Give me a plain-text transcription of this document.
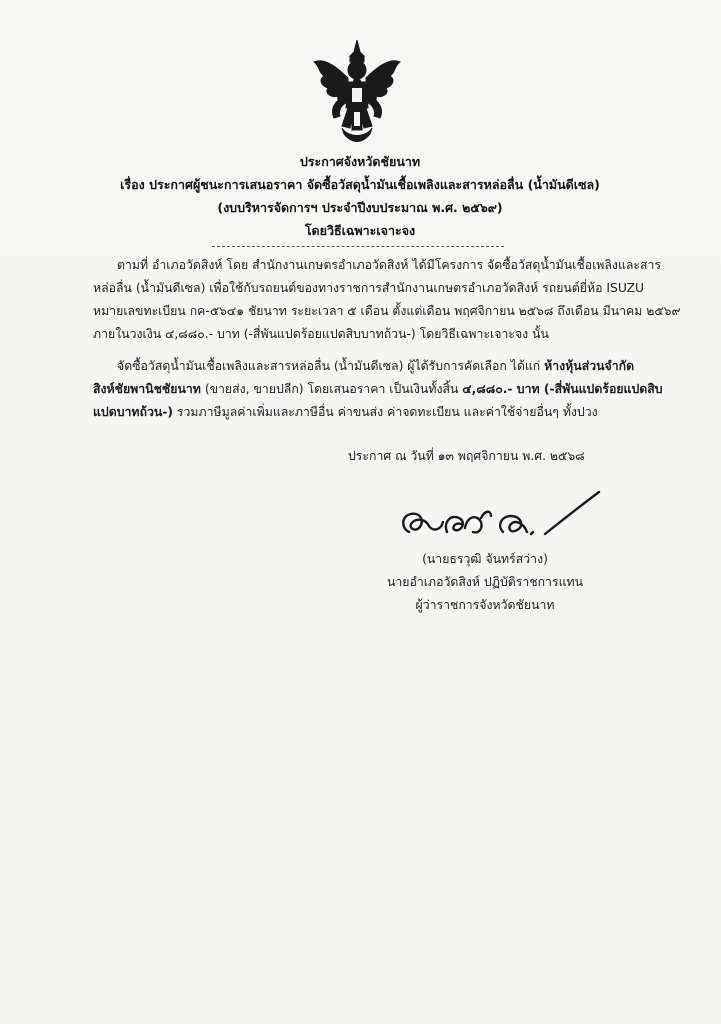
ประกาศจังหวัดชัยนาท
เรื่อง ประกาศผู้ชนะการเสนอราคา จัดซื้อวัสดุน้ำมันเชื้อเพลิงและสารหล่อลื่น (น้ำมันดีเซล)
(งบบริหารจัดการฯ ประจำปีงบประมาณ พ.ศ. ๒๕๖๙)
โดยวิธีเฉพาะเจาะจง
ตามที่ อำเภอวัดสิงห์ โดย สำนักงานเกษตรอำเภอวัดสิงห์ ได้มีโครงการ จัดซื้อวัสดุน้ำมันเชื้อเพลิงและสาร
หล่อลื่น (น้ำมันดีเซล) เพื่อใช้กับรถยนต์ของทางราชการสำนักงานเกษตรอำเภอวัดสิงห์ รถยนต์ยี่ห้อ ISUZU
หมายเลขทะเบียน กค-๕๖๔๑ ชัยนาท ระยะเวลา ๕ เดือน ตั้งแต่เดือน พฤศจิกายน ๒๕๖๘ ถึงเดือน มีนาคม ๒๕๖๙
ภายในวงเงิน ๔,๘๘๐.- บาท (-สี่พันแปดร้อยแปดสิบบาทถ้วน-) โดยวิธีเฉพาะเจาะจง นั้น
จัดซื้อวัสดุน้ำมันเชื้อเพลิงและสารหล่อลื่น (น้ำมันดีเซล) ผู้ได้รับการคัดเลือก ได้แก่ ห้างหุ้นส่วนจำกัด
สิงห์ชัยพานิชชัยนาท (ขายส่ง, ขายปลีก) โดยเสนอราคา เป็นเงินทั้งสิ้น ๔,๘๘๐.- บาท (-สี่พันแปดร้อยแปดสิบ
แปดบาทถ้วน-) รวมภาษีมูลค่าเพิ่มและภาษีอื่น ค่าขนส่ง ค่าจดทะเบียน และค่าใช้จ่ายอื่นๆ ทั้งปวง
ประกาศ ณ วันที่ ๑๓ พฤศจิกายน พ.ศ. ๒๕๖๘
(นายธรวุฒิ จันทร์สว่าง)
นายอำเภอวัดสิงห์ ปฏิบัติราชการแทน
ผู้ว่าราชการจังหวัดชัยนาท
